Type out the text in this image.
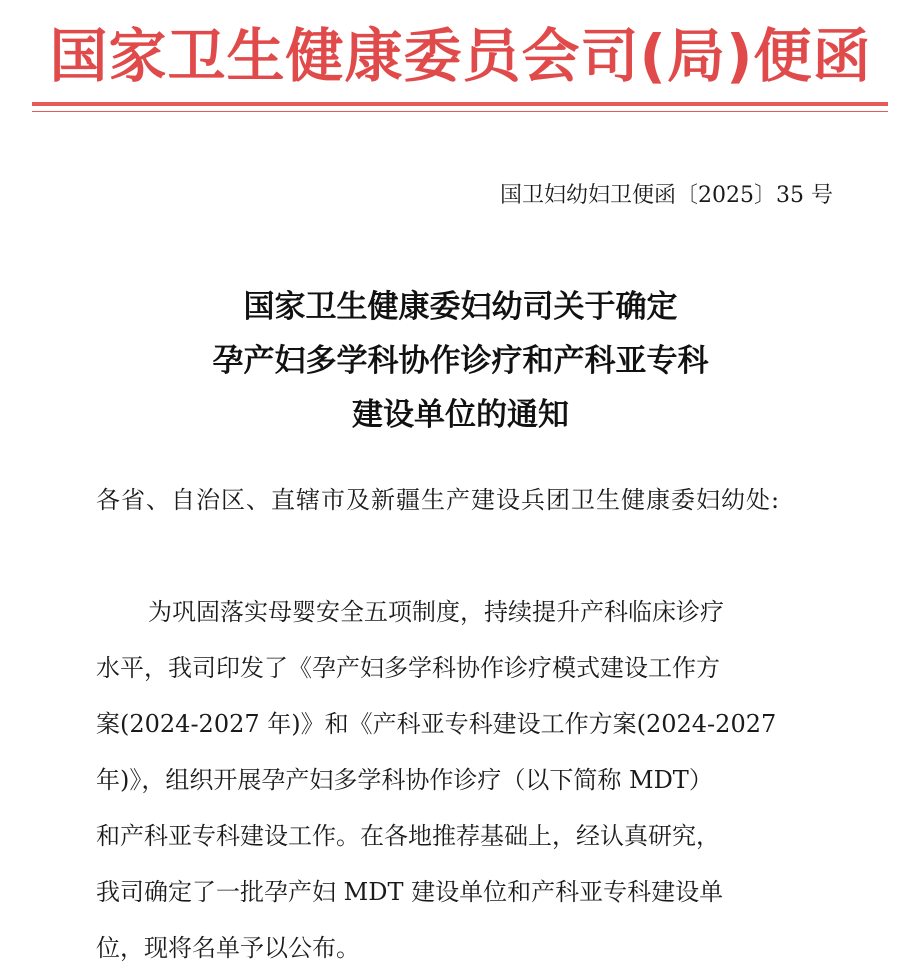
国家卫生健康委员会司(局)便函
国卫妇幼妇卫便函〔2025〕35 号
国家卫生健康委妇幼司关于确定
孕产妇多学科协作诊疗和产科亚专科
建设单位的通知
各省、自治区、直辖市及新疆生产建设兵团卫生健康委妇幼处:
为巩固落实母婴安全五项制度，持续提升产科临床诊疗
水平，我司印发了《孕产妇多学科协作诊疗模式建设工作方
案(2024-2027 年)》和《产科亚专科建设工作方案(2024-2027
年)》，组织开展孕产妇多学科协作诊疗（以下简称 MDT）
和产科亚专科建设工作。在各地推荐基础上，经认真研究，
我司确定了一批孕产妇 MDT 建设单位和产科亚专科建设单
位，现将名单予以公布。
